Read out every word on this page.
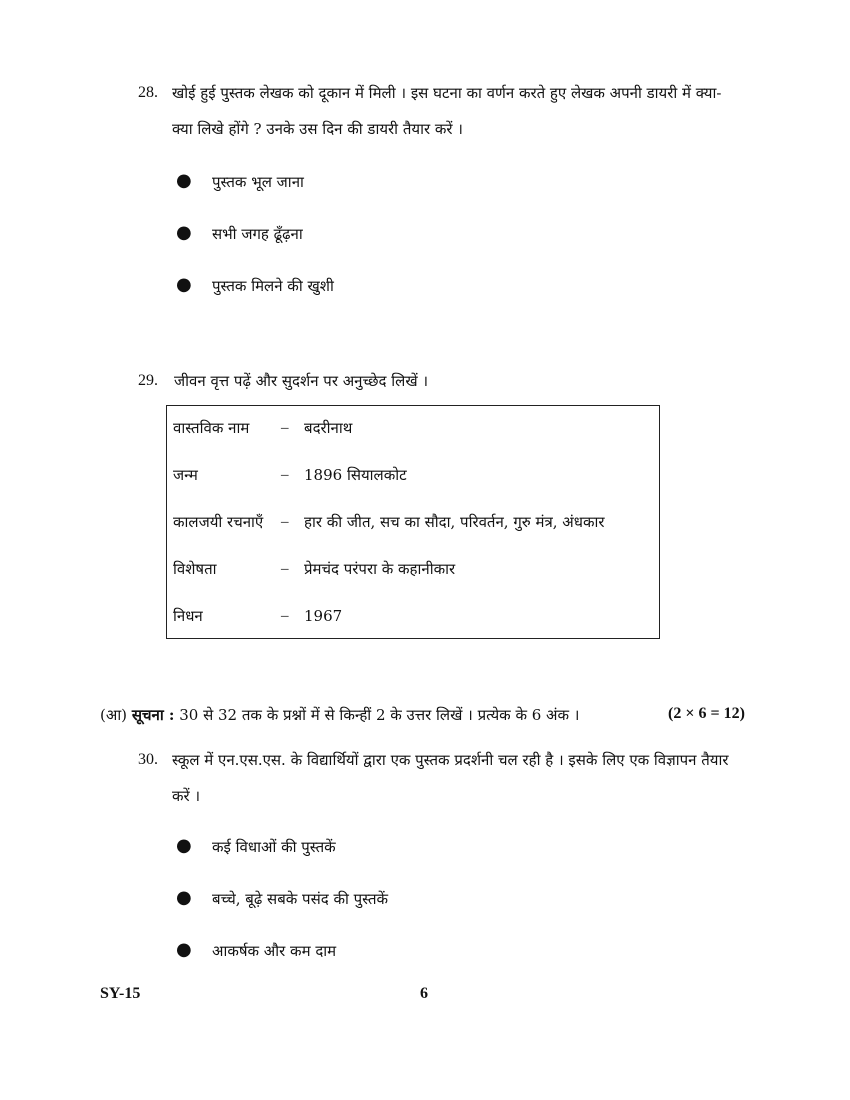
28. खोई हुई पुस्तक लेखक को दूकान में मिली । इस घटना का वर्णन करते हुए लेखक अपनी डायरी में क्या-क्या लिखे होंगे ? उनके उस दिन की डायरी तैयार करें ।
● पुस्तक भूल जाना
● सभी जगह ढूँढ़ना
● पुस्तक मिलने की खुशी
29. जीवन वृत्त पढ़ें और सुदर्शन पर अनुच्छेद लिखें ।
वास्तविक नाम	– बदरीनाथ
जन्म	– 1896 सियालकोट
कालजयी रचनाएँ	– हार की जीत, सच का सौदा, परिवर्तन, गुरु मंत्र, अंधकार
विशेषता	– प्रेमचंद परंपरा के कहानीकार
निधन	– 1967
(आ) सूचना : 30 से 32 तक के प्रश्नों में से किन्हीं 2 के उत्तर लिखें । प्रत्येक के 6 अंक ।	(2 × 6 = 12)
30. स्कूल में एन.एस.एस. के विद्यार्थियों द्वारा एक पुस्तक प्रदर्शनी चल रही है । इसके लिए एक विज्ञापन तैयार करें ।
● कई विधाओं की पुस्तकें
● बच्चे, बूढ़े सबके पसंद की पुस्तकें
● आकर्षक और कम दाम
SY-15	6
